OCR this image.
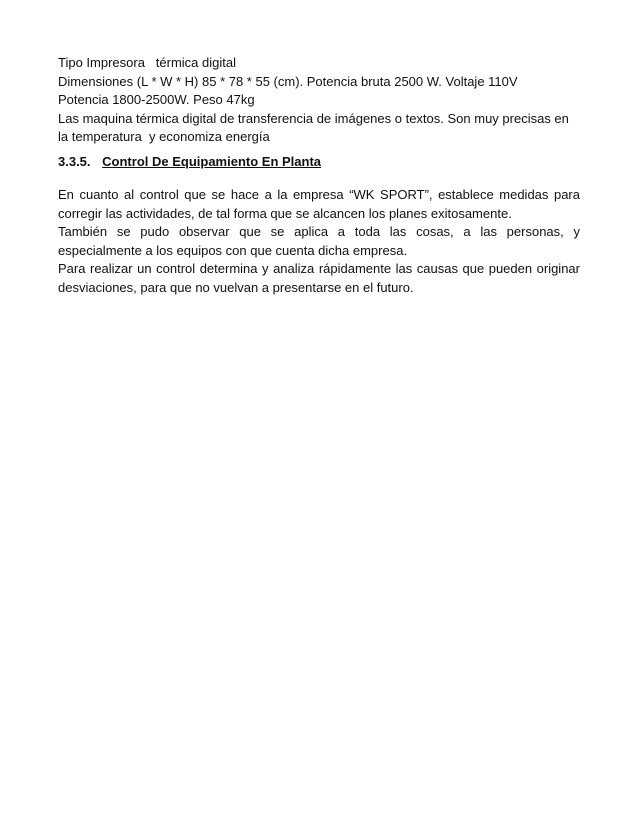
Tipo Impresora   térmica digital

Dimensiones (L * W * H) 85 * 78 * 55 (cm). Potencia bruta 2500 W. Voltaje 110V

Potencia 1800-2500W. Peso 47kg

Las maquina térmica digital de transferencia de imágenes o textos. Son muy precisas en la temperatura  y economiza energía

3.3.5. Control De Equipamiento En Planta

En cuanto al control que se hace a la empresa “WK SPORT”, establece medidas para corregir las actividades, de tal forma que se alcancen los planes exitosamente.

También se pudo observar que se aplica a toda las cosas, a las personas, y especialmente a los equipos con que cuenta dicha empresa.

Para realizar un control determina y analiza rápidamente las causas que pueden originar desviaciones, para que no vuelvan a presentarse en el futuro.
